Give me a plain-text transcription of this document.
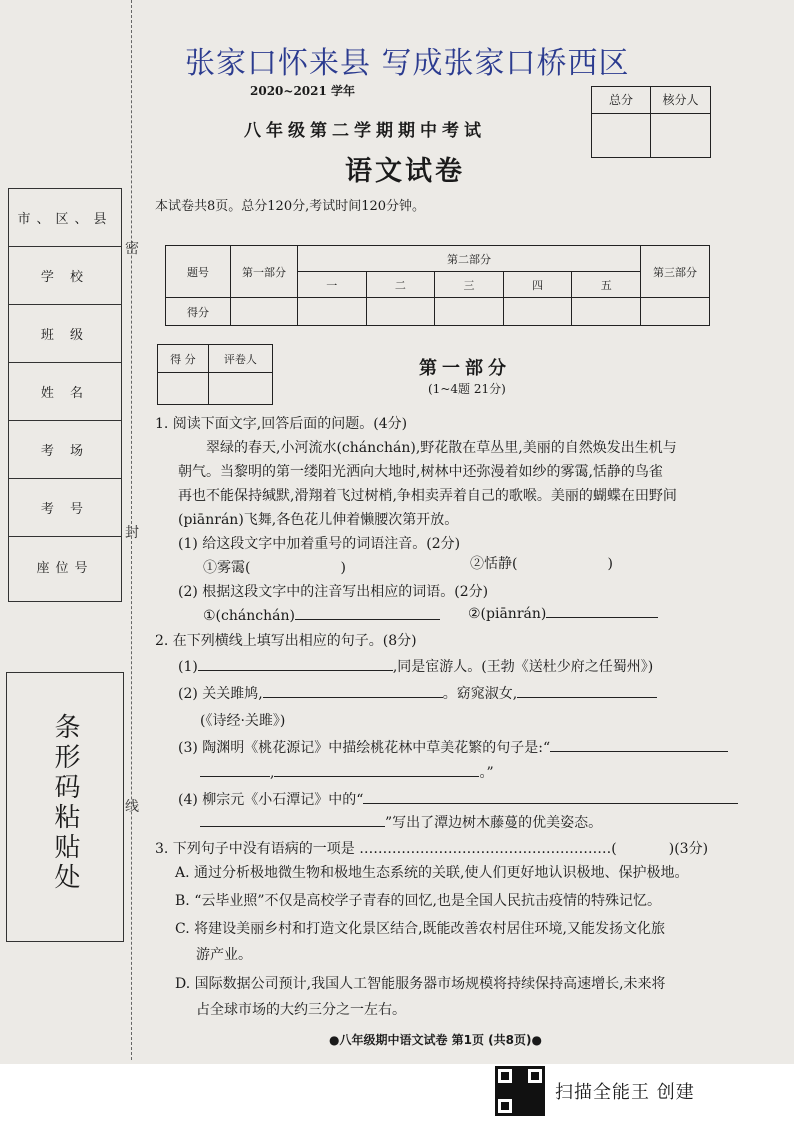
张家口怀来县 写成张家口桥西区
2020~2021 学年
总分	核分人
八年级第二学期期中考试
语文试卷
密
封
线
市、区、县
学 校
班 级
姓 名
考 场
考 号
座位号
条形码粘贴处
本试卷共8页。总分120分,考试时间120分钟。
题号	第一部分	第二部分					第三部分
		一	二	三	四	五	
得分							
得 分	评卷人
		第一部分
(1~4题 21分)
1. 阅读下面文字,回答后面的问题。(4分)
翠绿的春天,小河流水(chánchán),野花散在草丛里,美丽的自然焕发出生机与
朝气。当黎明的第一缕阳光洒向大地时,树林中还弥漫着如纱的雾霭,恬静的鸟雀
再也不能保持缄默,滑翔着飞过树梢,争相卖弄着自己的歌喉。美丽的蝴蝶在田野间
(piānrán)飞舞,各色花儿伸着懒腰次第开放。
(1) 给这段文字中加着重号的词语注音。(2分)
①雾霭(	)	②恬静(	)
(2) 根据这段文字中的注音写出相应的词语。(2分)
①(chánchán)	②(piānrán)
2. 在下列横线上填写出相应的句子。(8分)
(1)	,同是宦游人。(王勃《送杜少府之任蜀州》)
(2) 关关雎鸠,	。窈窕淑女,
(《诗经·关雎》)
(3) 陶渊明《桃花源记》中描绘桃花林中草美花繁的句子是:“
,	。”
(4) 柳宗元《小石潭记》中的“
”写出了潭边树木藤蔓的优美姿态。
3. 下列句子中没有语病的一项是 ………………………………………………(	)(3分)
A. 通过分析极地微生物和极地生态系统的关联,使人们更好地认识极地、保护极地。
B. “云毕业照”不仅是高校学子青春的回忆,也是全国人民抗击疫情的特殊记忆。
C. 将建设美丽乡村和打造文化景区结合,既能改善农村居住环境,又能发扬文化旅
游产业。
D. 国际数据公司预计,我国人工智能服务器市场规模将持续保持高速增长,未来将
占全球市场的大约三分之一左右。
●八年级期中语文试卷 第1页 (共8页)●
扫描全能王 创建
